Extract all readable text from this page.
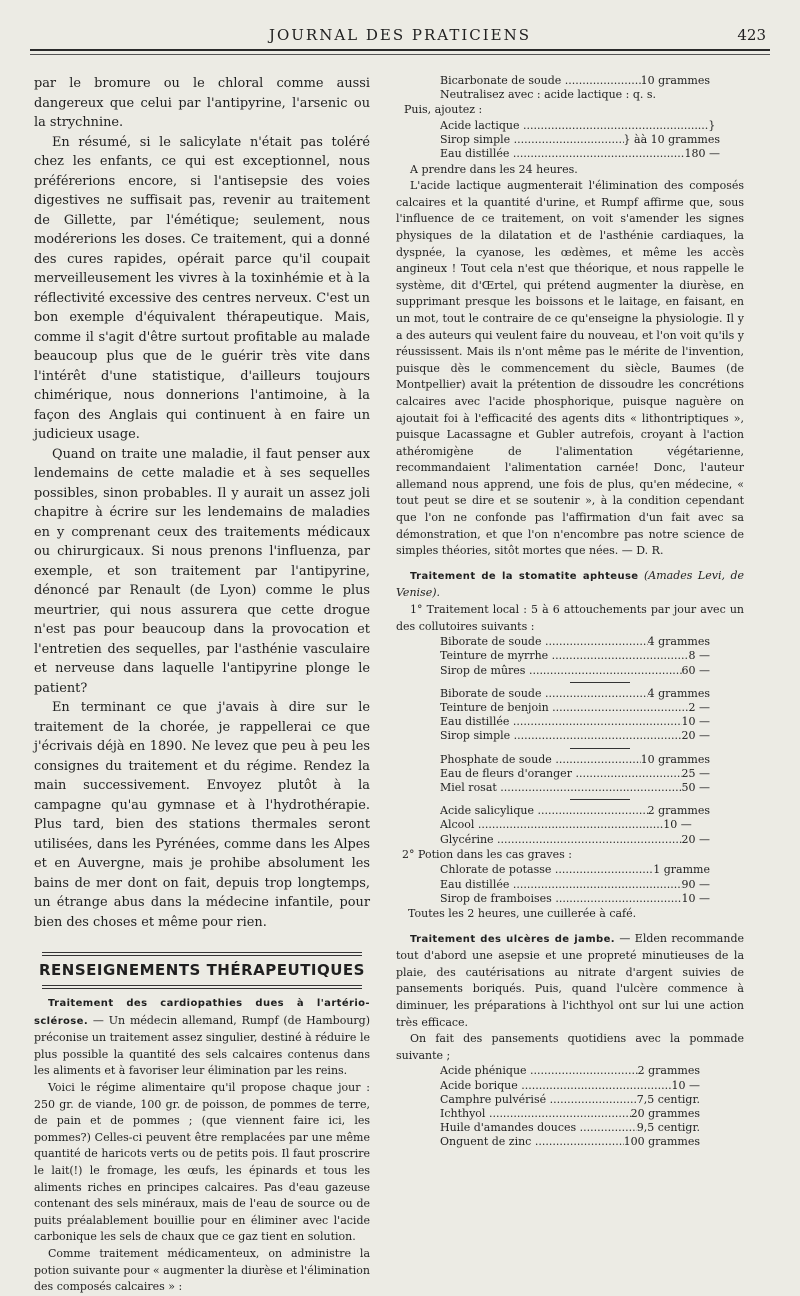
JOURNAL DES PRATICIENS	423

par le bromure ou le chloral comme aussi dangereux que celui par l'antipyrine, l'arsenic ou la strychnine.

En résumé, si le salicylate n'était pas toléré chez les enfants, ce qui est exceptionnel, nous préférerions encore, si l'antisepsie des voies digestives ne suffisait pas, revenir au traitement de Gillette, par l'émétique; seulement, nous modérerions les doses. Ce traitement, qui a donné des cures rapides, opérait parce qu'il coupait merveilleusement les vivres à la toxinhémie et à la réflectivité excessive des centres nerveux. C'est un bon exemple d'équivalent thérapeutique. Mais, comme il s'agit d'être surtout profitable au malade beaucoup plus que de le guérir très vite dans l'intérêt d'une statistique, d'ailleurs toujours chimérique, nous donnerions l'antimoine, à la façon des Anglais qui continuent à en faire un judicieux usage.

Quand on traite une maladie, il faut penser aux lendemains de cette maladie et à ses sequelles possibles, sinon probables. Il y aurait un assez joli chapitre à écrire sur les lendemains de maladies en y comprenant ceux des traitements médicaux ou chirurgicaux. Si nous prenons l'influenza, par exemple, et son traitement par l'antipyrine, dénoncé par Renault (de Lyon) comme le plus meurtrier, qui nous assurera que cette drogue n'est pas pour beaucoup dans la provocation et l'entretien des sequelles, par l'asthénie vasculaire et nerveuse dans laquelle l'antipyrine plonge le patient?

En terminant ce que j'avais à dire sur le traitement de la chorée, je rappellerai ce que j'écrivais déjà en 1890. Ne levez que peu à peu les consignes du traitement et du régime. Rendez la main successivement. Envoyez plutôt à la campagne qu'au gymnase et à l'hydrothérapie. Plus tard, bien des stations thermales seront utilisées, dans les Pyrénées, comme dans les Alpes et en Auvergne, mais je prohibe absolument les bains de mer dont on fait, depuis trop longtemps, un étrange abus dans la médecine infantile, pour bien des choses et même pour rien.

RENSEIGNEMENTS THÉRAPEUTIQUES

Traitement des cardiopathies dues à l'artério-sclérose. — Un médecin allemand, Rumpf (de Hambourg) préconise un traitement assez singulier, destiné à réduire le plus possible la quantité des sels calcaires contenus dans les aliments et à favoriser leur élimination par les reins.

Voici le régime alimentaire qu'il propose chaque jour : 250 gr. de viande, 100 gr. de poisson, de pommes de terre, de pain et de pommes ; (que viennent faire ici, les pommes?) Celles-ci peuvent être remplacées par une même quantité de haricots verts ou de petits pois. Il faut proscrire le lait(!) le fromage, les œufs, les épinards et tous les aliments riches en principes calcaires. Pas d'eau gazeuse contenant des sels minéraux, mais de l'eau de source ou de puits préalablement bouillie pour en éliminer avec l'acide carbonique les sels de chaux que ce gaz tient en solution.

Comme traitement médicamenteux, on administre la potion suivante pour « augmenter la diurèse et l'élimination des composés calcaires » :

Bicarbonate de soude .....	10 grammes
Neutralisez avec : acide lactique : q. s.

Puis, ajoutez :

Acide lactique .....	}
Sirop simple .....	} àà 10 grammes
Eau distillée .....	180 —

A prendre dans les 24 heures.

L'acide lactique augmenterait l'élimination des composés calcaires et la quantité d'urine, et Rumpf affirme que, sous l'influence de ce traitement, on voit s'amender les signes physiques de la dilatation et de l'asthénie cardiaques, la dyspnée, la cyanose, les œdèmes, et même les accès angineux ! Tout cela n'est que théorique, et nous rappelle le système, dit d'Œrtel, qui prétend augmenter la diurèse, en supprimant presque les boissons et le laitage, en faisant, en un mot, tout le contraire de ce qu'enseigne la physiologie. Il y a des auteurs qui veulent faire du nouveau, et l'on voit qu'ils y réussissent. Mais ils n'ont même pas le mérite de l'invention, puisque dès le commencement du siècle, Baumes (de Montpellier) avait la prétention de dissoudre les concrétions calcaires avec l'acide phosphorique, puisque naguère on ajoutait foi à l'efficacité des agents dits « lithontriptiques », puisque Lacassagne et Gubler autrefois, croyant à l'action athéromigène de l'alimentation végétarienne, recommandaient l'alimentation carnée! Donc, l'auteur allemand nous apprend, une fois de plus, qu'en médecine, « tout peut se dire et se soutenir », à la condition cependant que l'on ne confonde pas l'affirmation d'un fait avec sa démonstration, et que l'on n'encombre pas notre science de simples théories, sitôt mortes que nées. — D. R.

Traitement de la stomatite aphteuse (Amades Levi, de Venise).

1° Traitement local : 5 à 6 attouchements par jour avec un des collutoires suivants :

Biborate de soude .....	4 grammes
Teinture de myrrhe .....	8 —
Sirop de mûres .....	60 —
Biborate de soude .....	4 grammes
Teinture de benjoin .....	2 —
Eau distillée .....	10 —
Sirop simple .....	20 —
Phosphate de soude .....	10 grammes
Eau de fleurs d'oranger .....	25 —
Miel rosat .....	50 —
Acide salicylique .....	2 grammes
Alcool .....	10 —
Glycérine .....	20 —

2° Potion dans les cas graves :

Chlorate de potasse .....	1 gramme
Eau distillée .....	90 —
Sirop de framboises .....	10 —

Toutes les 2 heures, une cuillerée à café.

Traitement des ulcères de jambe. — Elden recommande tout d'abord une asepsie et une propreté minutieuses de la plaie, des cautérisations au nitrate d'argent suivies de pansements boriqués. Puis, quand l'ulcère commence à diminuer, les préparations à l'ichthyol ont sur lui une action très efficace.

On fait des pansements quotidiens avec la pommade suivante ;

Acide phénique .....	2 grammes
Acide borique .....	10 —
Camphre pulvérisé .....	7,5 centigr.
Ichthyol .....	20 grammes
Huile d'amandes douces .....	9,5 centigr.
Onguent de zinc .....	100 grammes
